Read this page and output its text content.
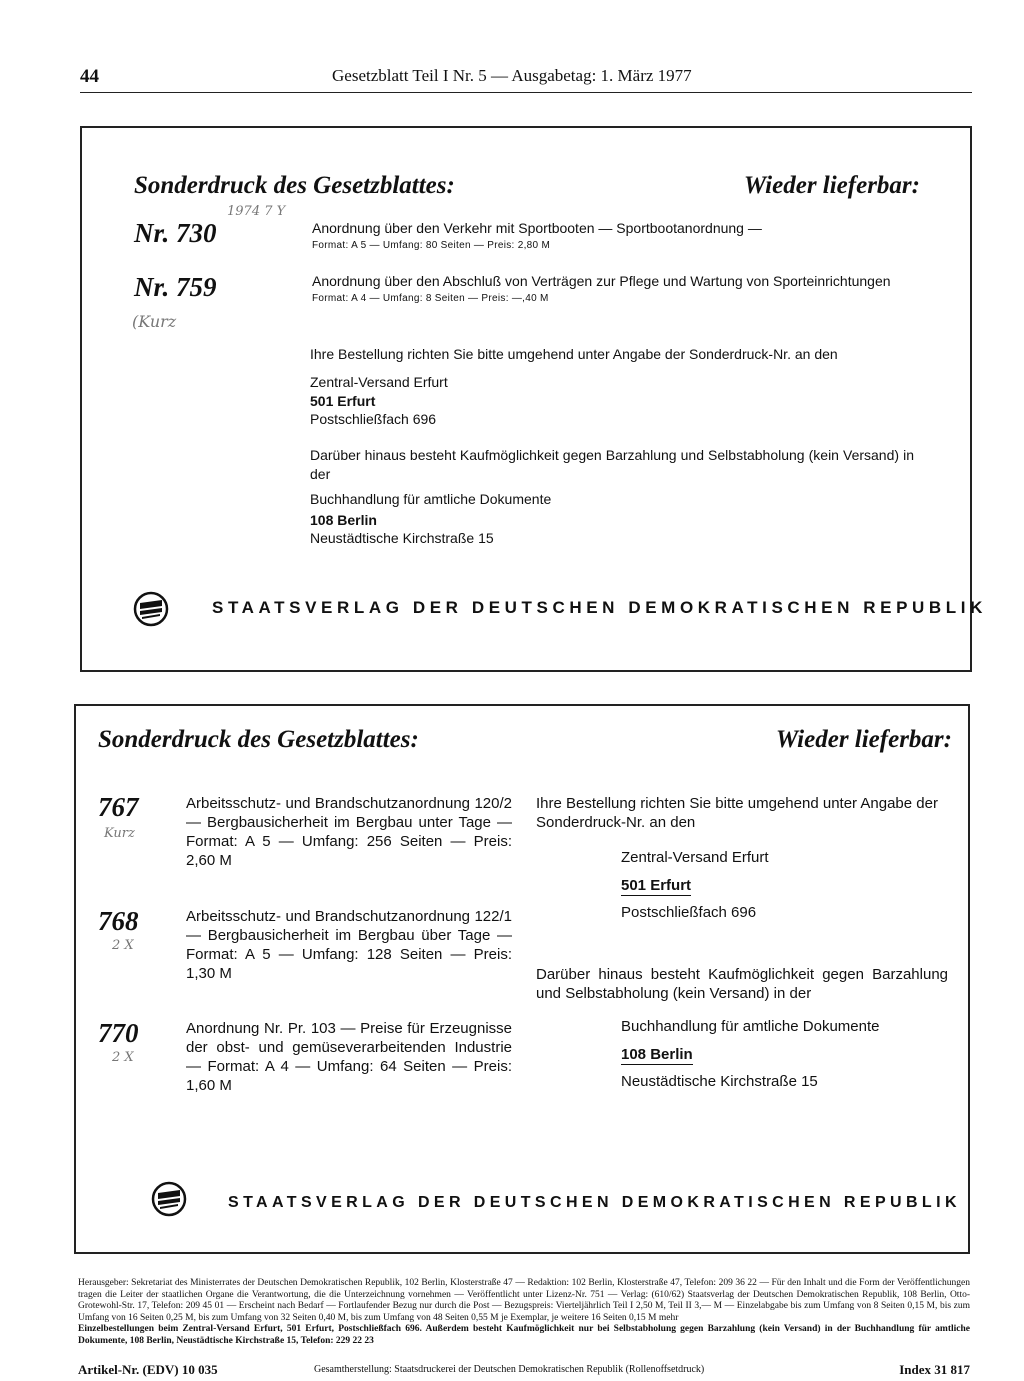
44	Gesetzblatt Teil I Nr. 5 — Ausgabetag: 1. März 1977
Sonderdruck des Gesetzblattes:	Wieder lieferbar:
Nr. 730
1974 7 Y
Anordnung über den Verkehr mit Sportbooten — Sportbootanordnung —
Format: A 5 — Umfang: 80 Seiten — Preis: 2,80 M
Nr. 759
(Kurz
Anordnung über den Abschluß von Verträgen zur Pflege und Wartung von Sporteinrichtungen
Format: A 4 — Umfang: 8 Seiten — Preis: —,40 M
Ihre Bestellung richten Sie bitte umgehend unter Angabe der Sonderdruck-Nr. an den
Zentral-Versand Erfurt
501 Erfurt
Postschließfach 696
Darüber hinaus besteht Kaufmöglichkeit gegen Barzahlung und Selbstabholung (kein Versand) in der
Buchhandlung für amtliche Dokumente
108 Berlin
Neustädtische Kirchstraße 15
STAATSVERLAG DER DEUTSCHEN DEMOKRATISCHEN REPUBLIK
Sonderdruck des Gesetzblattes:	Wieder lieferbar:
767
Kurz
Arbeitsschutz- und Brandschutzanordnung 120/2 — Bergbausicherheit im Bergbau unter Tage — Format: A 5 — Umfang: 256 Seiten — Preis: 2,60 M
768
2 X
Arbeitsschutz- und Brandschutzanordnung 122/1 — Bergbausicherheit im Bergbau über Tage — Format: A 5 — Umfang: 128 Seiten — Preis: 1,30 M
770
2 X
Anordnung Nr. Pr. 103 — Preise für Erzeugnisse der obst- und gemüseverarbeitenden Industrie — Format: A 4 — Umfang: 64 Seiten — Preis: 1,60 M
Ihre Bestellung richten Sie bitte umgehend unter Angabe der Sonderdruck-Nr. an den
Zentral-Versand Erfurt
501 Erfurt
Postschließfach 696
Darüber hinaus besteht Kaufmöglichkeit gegen Barzahlung und Selbstabholung (kein Versand) in der
Buchhandlung für amtliche Dokumente
108 Berlin
Neustädtische Kirchstraße 15
STAATSVERLAG DER DEUTSCHEN DEMOKRATISCHEN REPUBLIK

Herausgeber: Sekretariat des Ministerrates der Deutschen Demokratischen Republik, 102 Berlin, Klosterstraße 47 — Redaktion: 102 Berlin, Klosterstraße 47, Telefon: 209 36 22 — Für den Inhalt und die Form der Veröffentlichungen tragen die Leiter der staatlichen Organe die Verantwortung, die die Unterzeichnung vornehmen — Veröffentlicht unter Lizenz-Nr. 751 — Verlag: (610/62) Staatsverlag der Deutschen Demokratischen Republik, 108 Berlin, Otto-Grotewohl-Str. 17, Telefon: 209 45 01 — Erscheint nach Bedarf — Fortlaufender Bezug nur durch die Post — Bezugspreis: Vierteljährlich Teil I 2,50 M, Teil II 3,— M — Einzelabgabe bis zum Umfang von 8 Seiten 0,15 M, bis zum Umfang von 16 Seiten 0,25 M, bis zum Umfang von 32 Seiten 0,40 M, bis zum Umfang von 48 Seiten 0,55 M je Exemplar, je weitere 16 Seiten 0,15 M mehr

Einzelbestellungen beim Zentral-Versand Erfurt, 501 Erfurt, Postschließfach 696. Außerdem besteht Kaufmöglichkeit nur bei Selbstabholung gegen Barzahlung (kein Versand) in der Buchhandlung für amtliche Dokumente, 108 Berlin, Neustädtische Kirchstraße 15, Telefon: 229 22 23

Artikel-Nr. (EDV) 10 035	Gesamtherstellung: Staatsdruckerei der Deutschen Demokratischen Republik (Rollenoffsetdruck)	Index 31 817
